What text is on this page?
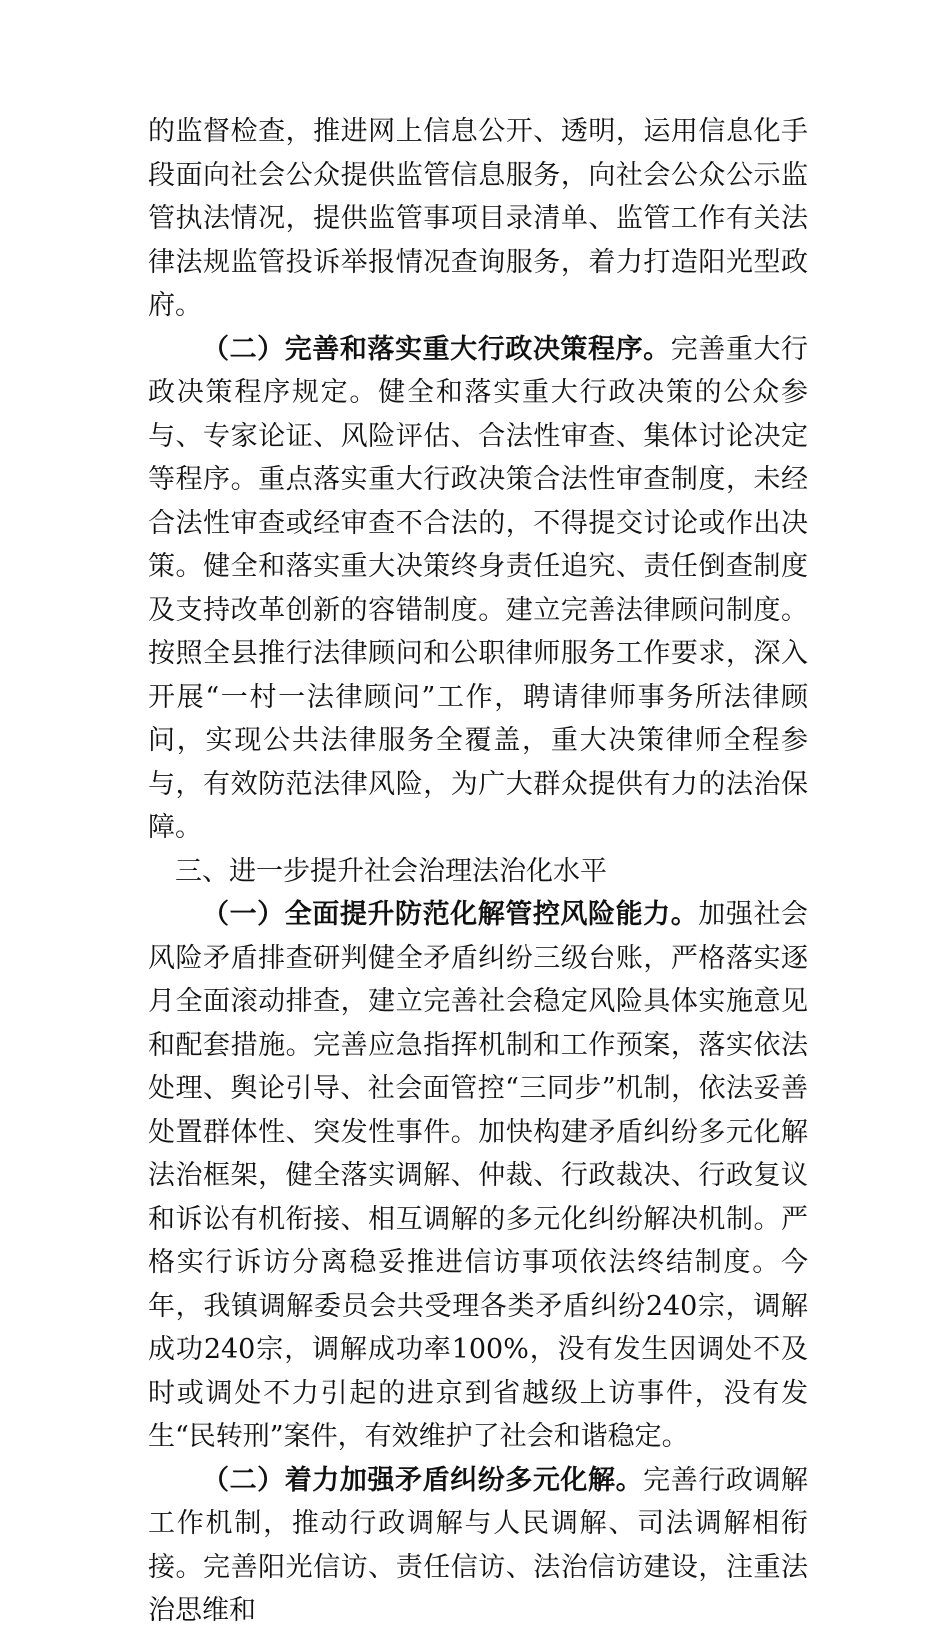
的监督检查，推进网上信息公开、透明，运用信息化手段面向社会公众提供监管信息服务，向社会公众公示监管执法情况，提供监管事项目录清单、监管工作有关法律法规监管投诉举报情况查询服务，着力打造阳光型政府。

（二）完善和落实重大行政决策程序。完善重大行政决策程序规定。健全和落实重大行政决策的公众参与、专家论证、风险评估、合法性审查、集体讨论决定等程序。重点落实重大行政决策合法性审查制度，未经合法性审查或经审查不合法的，不得提交讨论或作出决策。健全和落实重大决策终身责任追究、责任倒查制度及支持改革创新的容错制度。建立完善法律顾问制度。按照全县推行法律顾问和公职律师服务工作要求，深入开展“一村一法律顾问”工作，聘请律师事务所法律顾问，实现公共法律服务全覆盖，重大决策律师全程参与，有效防范法律风险，为广大群众提供有力的法治保障。

三、进一步提升社会治理法治化水平

（一）全面提升防范化解管控风险能力。加强社会风险矛盾排查研判健全矛盾纠纷三级台账，严格落实逐月全面滚动排查，建立完善社会稳定风险具体实施意见和配套措施。完善应急指挥机制和工作预案，落实依法处理、舆论引导、社会面管控“三同步”机制，依法妥善处置群体性、突发性事件。加快构建矛盾纠纷多元化解法治框架，健全落实调解、仲裁、行政裁决、行政复议和诉讼有机衔接、相互调解的多元化纠纷解决机制。严格实行诉访分离稳妥推进信访事项依法终结制度。今年，我镇调解委员会共受理各类矛盾纠纷240宗，调解成功240宗，调解成功率100%，没有发生因调处不及时或调处不力引起的进京到省越级上访事件，没有发生“民转刑”案件，有效维护了社会和谐稳定。

（二）着力加强矛盾纠纷多元化解。完善行政调解工作机制，推动行政调解与人民调解、司法调解相衔接。完善阳光信访、责任信访、法治信访建设，注重法治思维和
